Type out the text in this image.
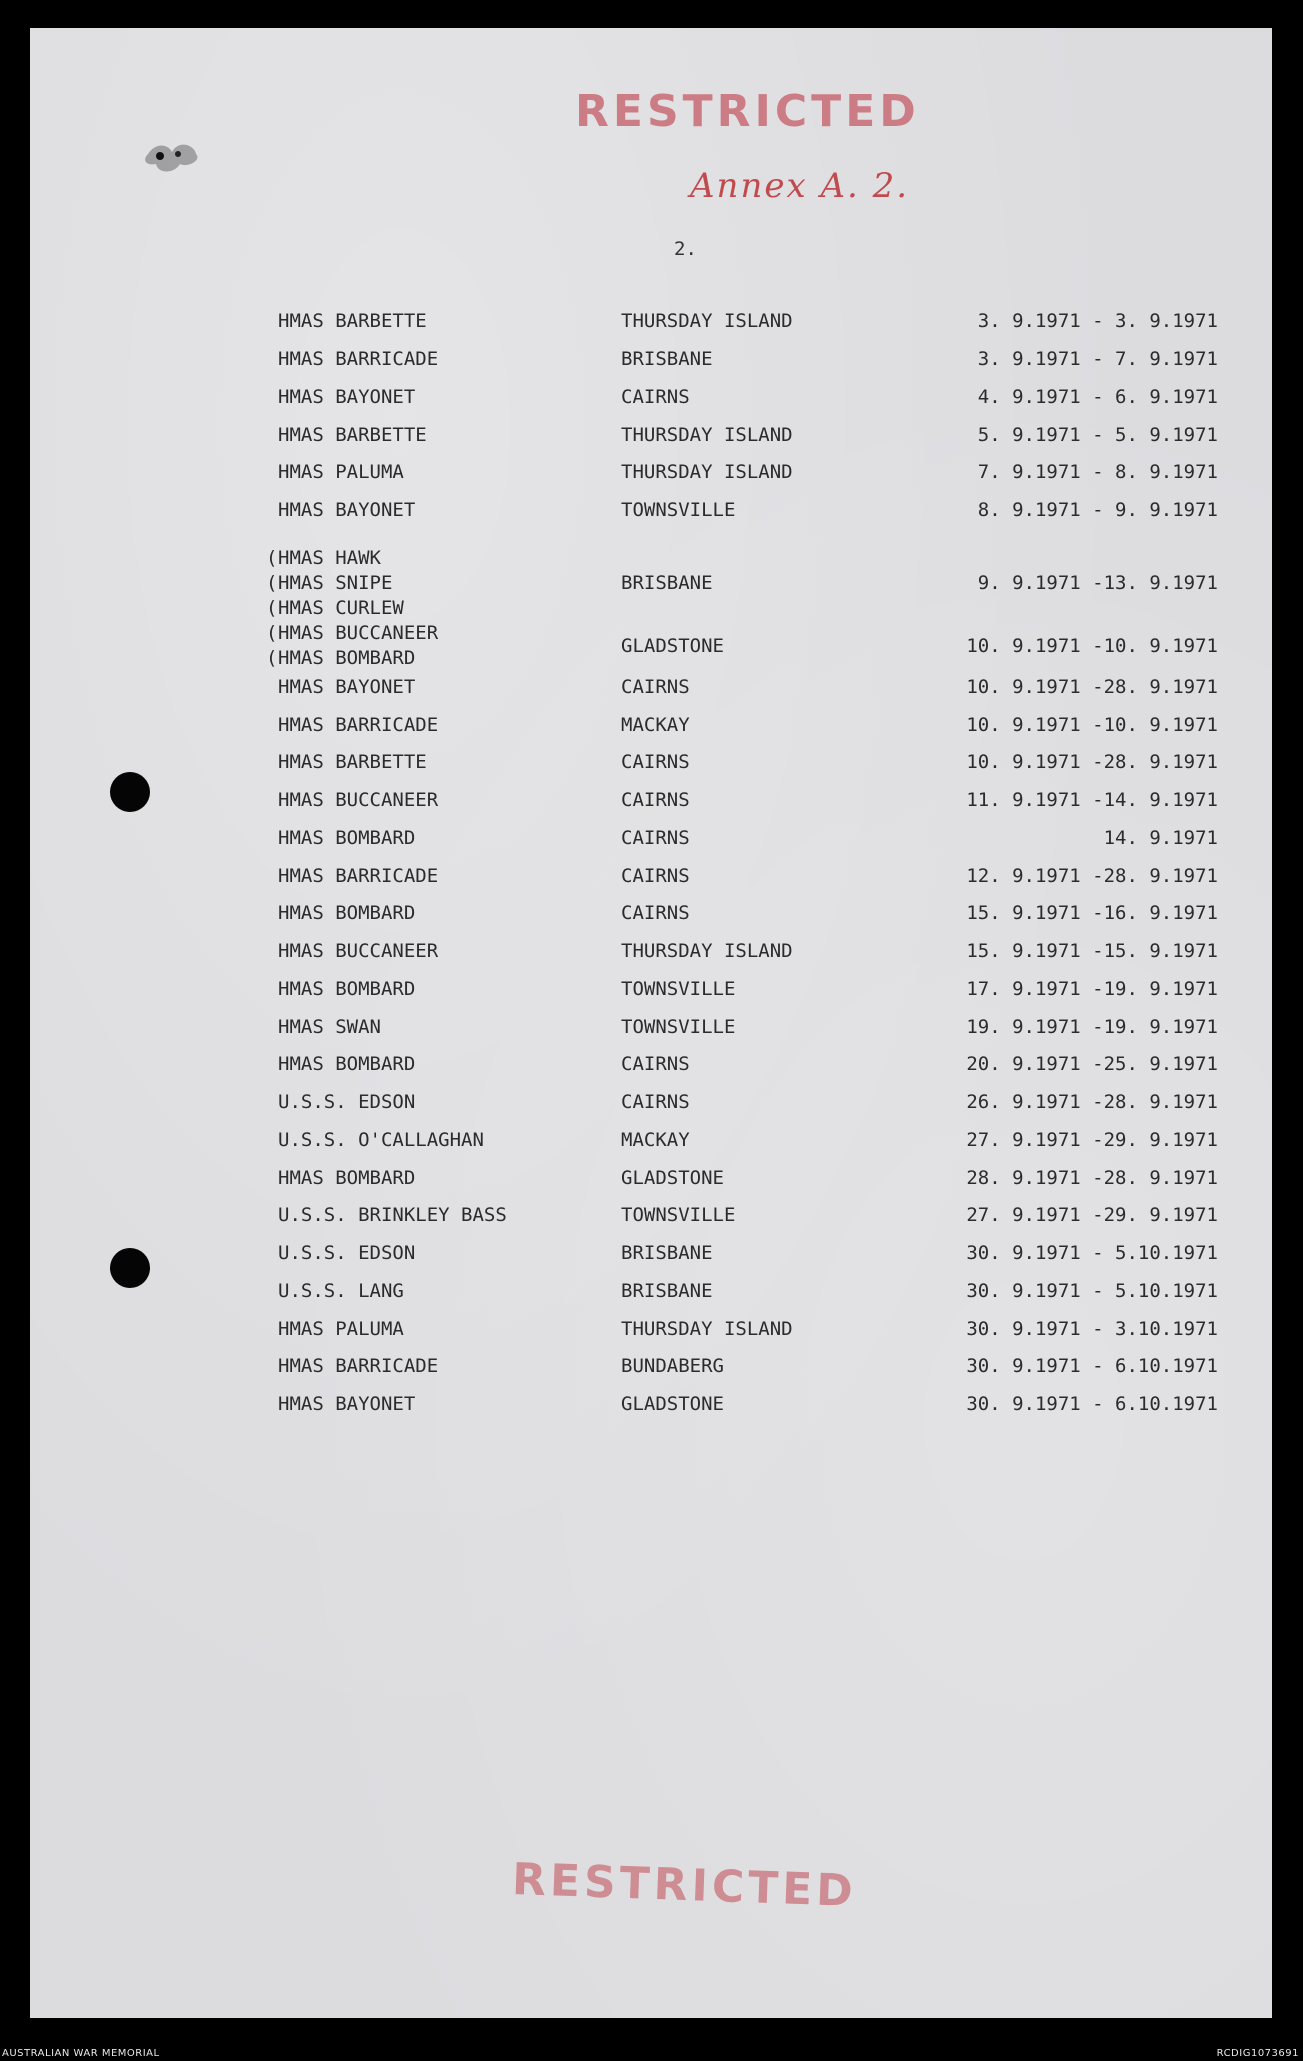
RESTRICTED
Annex A. 2.
2.
HMAS BARBETTE	THURSDAY ISLAND	3. 9.1971 - 3. 9.1971
HMAS BARRICADE	BRISBANE	3. 9.1971 - 7. 9.1971
HMAS BAYONET	CAIRNS	4. 9.1971 - 6. 9.1971
HMAS BARBETTE	THURSDAY ISLAND	5. 9.1971 - 5. 9.1971
HMAS PALUMA	THURSDAY ISLAND	7. 9.1971 - 8. 9.1971
HMAS BAYONET	TOWNSVILLE	8. 9.1971 - 9. 9.1971
( HMAS HAWK
( HMAS SNIPE
( HMAS CURLEW
BRISBANE	9. 9.1971 -13. 9.1971
( HMAS BUCCANEER
( HMAS BOMBARD
GLADSTONE	10. 9.1971 -10. 9.1971
HMAS BAYONET	CAIRNS	10. 9.1971 -28. 9.1971
HMAS BARRICADE	MACKAY	10. 9.1971 -10. 9.1971
HMAS BARBETTE	CAIRNS	10. 9.1971 -28. 9.1971
HMAS BUCCANEER	CAIRNS	11. 9.1971 -14. 9.1971
HMAS BOMBARD	CAIRNS	14. 9.1971
HMAS BARRICADE	CAIRNS	12. 9.1971 -28. 9.1971
HMAS BOMBARD	CAIRNS	15. 9.1971 -16. 9.1971
HMAS BUCCANEER	THURSDAY ISLAND	15. 9.1971 -15. 9.1971
HMAS BOMBARD	TOWNSVILLE	17. 9.1971 -19. 9.1971
HMAS SWAN	TOWNSVILLE	19. 9.1971 -19. 9.1971
HMAS BOMBARD	CAIRNS	20. 9.1971 -25. 9.1971
U.S.S. EDSON	CAIRNS	26. 9.1971 -28. 9.1971
U.S.S. O'CALLAGHAN	MACKAY	27. 9.1971 -29. 9.1971
HMAS BOMBARD	GLADSTONE	28. 9.1971 -28. 9.1971
U.S.S. BRINKLEY BASS	TOWNSVILLE	27. 9.1971 -29. 9.1971
U.S.S. EDSON	BRISBANE	30. 9.1971 - 5.10.1971
U.S.S. LANG	BRISBANE	30. 9.1971 - 5.10.1971
HMAS PALUMA	THURSDAY ISLAND	30. 9.1971 - 3.10.1971
HMAS BARRICADE	BUNDABERG	30. 9.1971 - 6.10.1971
HMAS BAYONET	GLADSTONE	30. 9.1971 - 6.10.1971
RESTRICTED
AUSTRALIAN WAR MEMORIAL	RCDIG1073691
